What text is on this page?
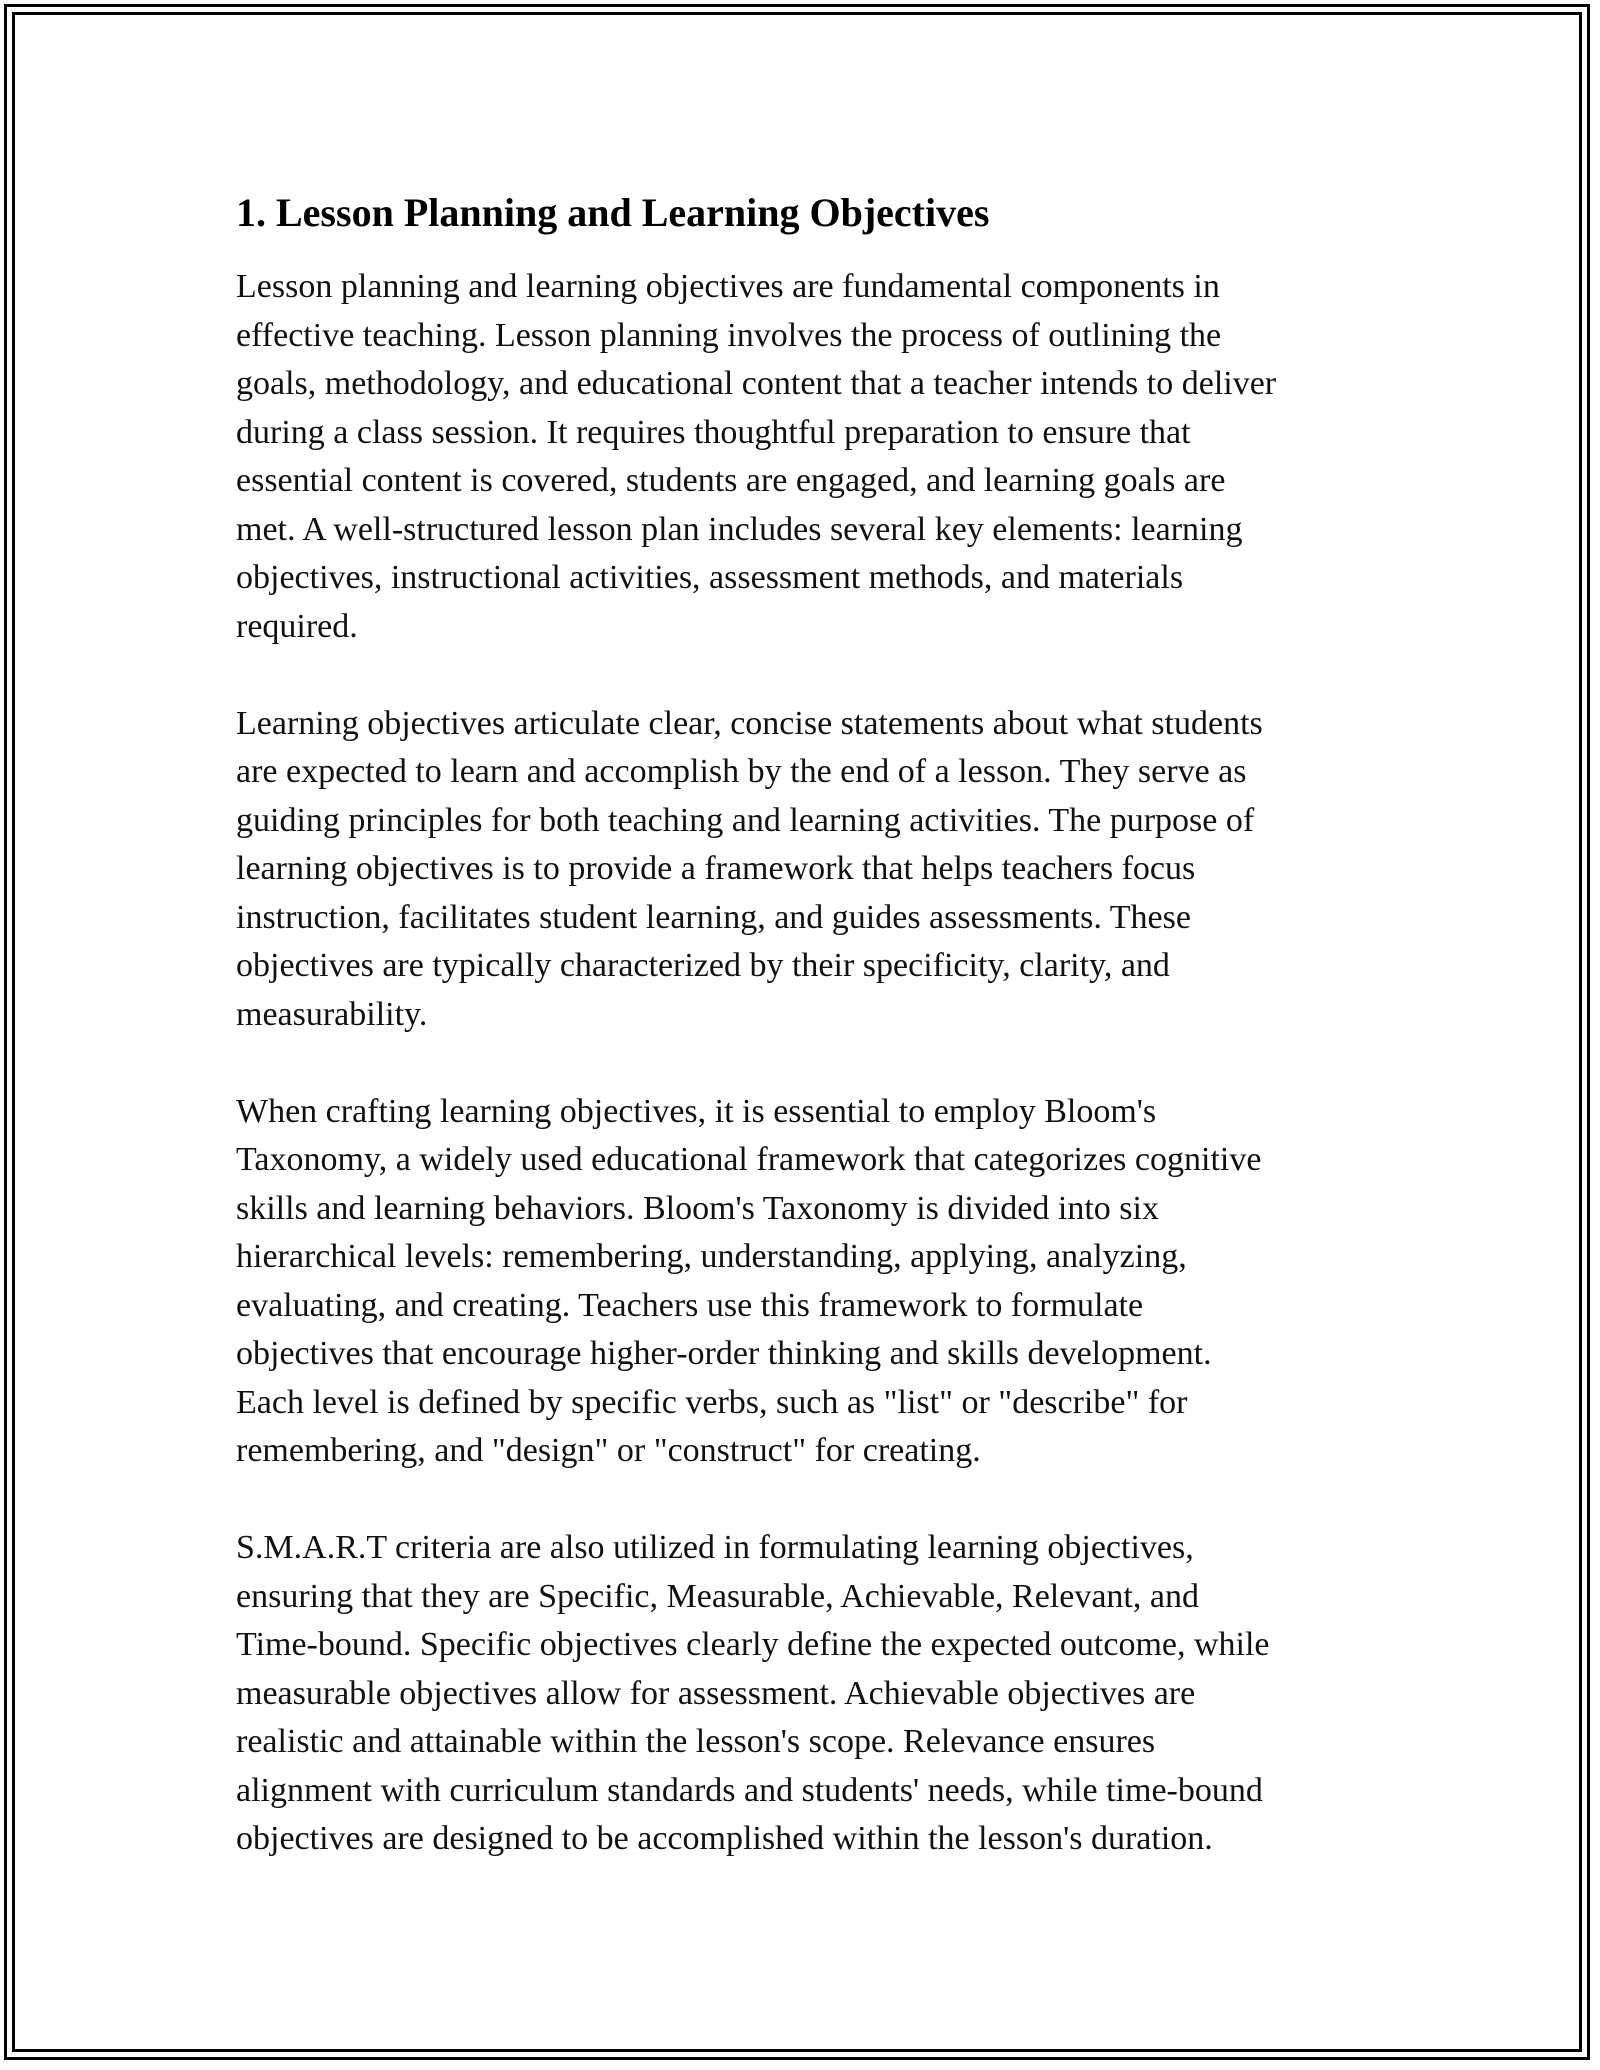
1. Lesson Planning and Learning Objectives

Lesson planning and learning objectives are fundamental components in
effective teaching. Lesson planning involves the process of outlining the
goals, methodology, and educational content that a teacher intends to deliver
during a class session. It requires thoughtful preparation to ensure that
essential content is covered, students are engaged, and learning goals are
met. A well-structured lesson plan includes several key elements: learning
objectives, instructional activities, assessment methods, and materials
required.

Learning objectives articulate clear, concise statements about what students
are expected to learn and accomplish by the end of a lesson. They serve as
guiding principles for both teaching and learning activities. The purpose of
learning objectives is to provide a framework that helps teachers focus
instruction, facilitates student learning, and guides assessments. These
objectives are typically characterized by their specificity, clarity, and
measurability.

When crafting learning objectives, it is essential to employ Bloom's
Taxonomy, a widely used educational framework that categorizes cognitive
skills and learning behaviors. Bloom's Taxonomy is divided into six
hierarchical levels: remembering, understanding, applying, analyzing,
evaluating, and creating. Teachers use this framework to formulate
objectives that encourage higher-order thinking and skills development.
Each level is defined by specific verbs, such as "list" or "describe" for
remembering, and "design" or "construct" for creating.

S.M.A.R.T criteria are also utilized in formulating learning objectives,
ensuring that they are Specific, Measurable, Achievable, Relevant, and
Time-bound. Specific objectives clearly define the expected outcome, while
measurable objectives allow for assessment. Achievable objectives are
realistic and attainable within the lesson's scope. Relevance ensures
alignment with curriculum standards and students' needs, while time-bound
objectives are designed to be accomplished within the lesson's duration.
